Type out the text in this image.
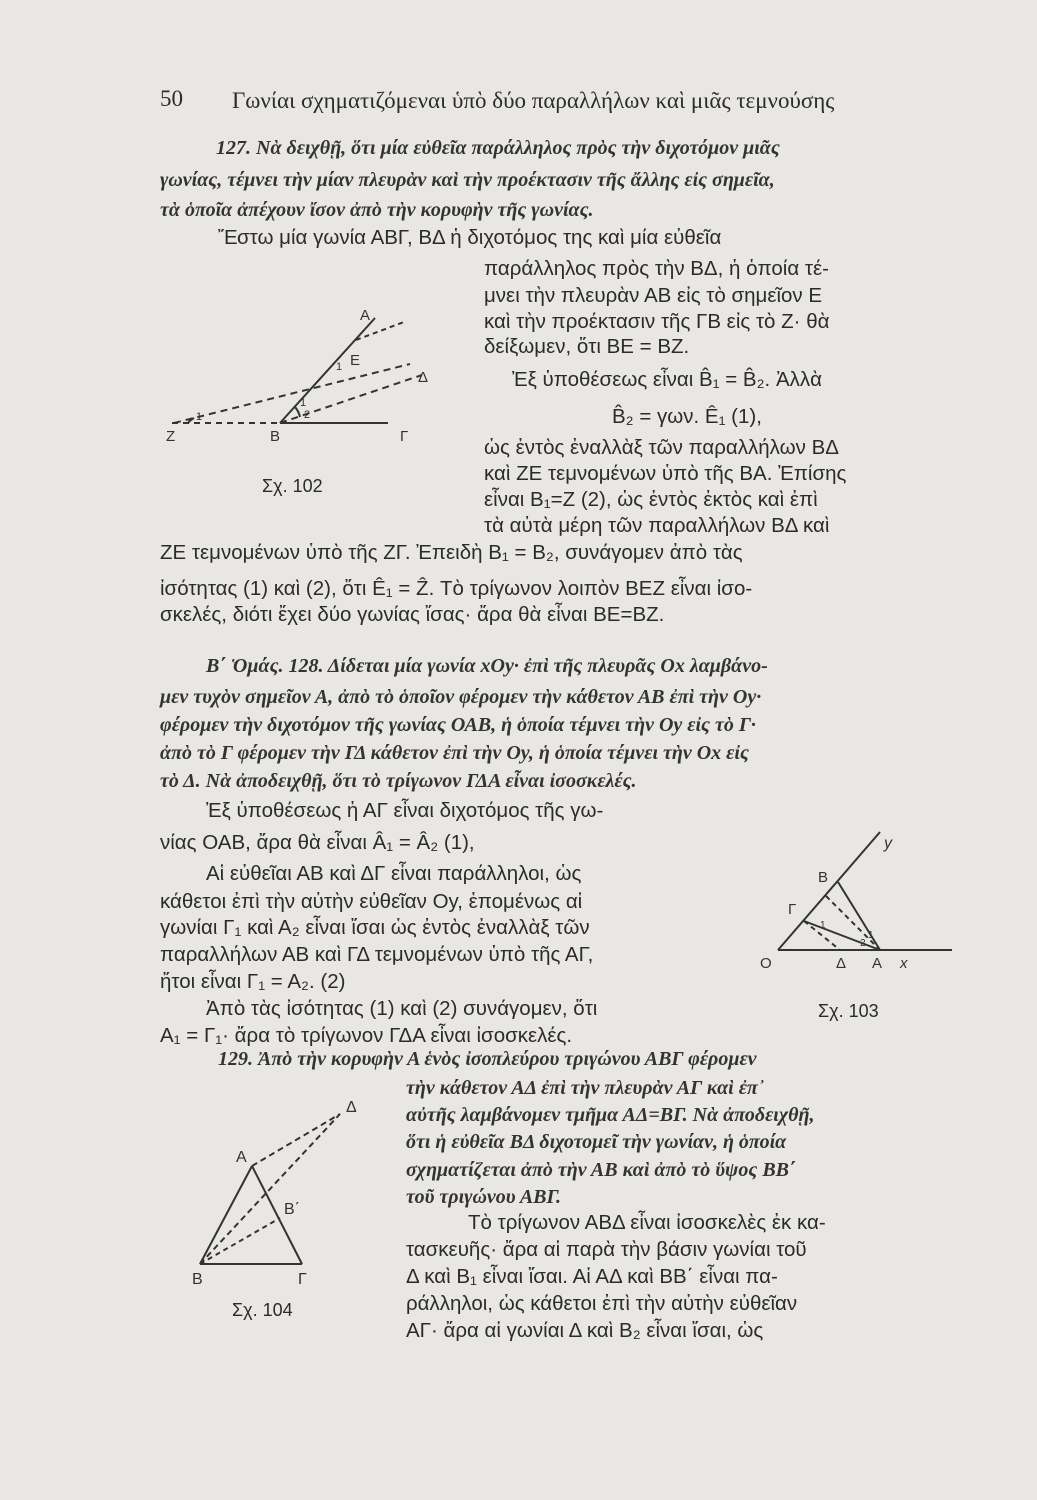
50 Γωνίαι σχηματιζόμεναι ὑπὸ δύο παραλλήλων καὶ μιᾶς τεμνούσης
127. Νὰ δειχθῇ, ὅτι μία εὐθεῖα παράλληλος πρὸς τὴν διχοτόμον μιᾶς
γωνίας, τέμνει τὴν μίαν πλευρὰν καὶ τὴν προέκτασιν τῆς ἄλλης εἰς σημεῖα,
τὰ ὁποῖα ἀπέχουν ἴσον ἀπὸ τὴν κορυφὴν τῆς γωνίας.
Ἔστω μία γωνία ΑΒΓ, ΒΔ ἡ διχοτόμος της καὶ μία εὐθεῖα
παράλληλος πρὸς τὴν ΒΔ, ἡ ὁποία τέ-
μνει τὴν πλευρὰν ΑΒ εἰς τὸ σημεῖον Ε
καὶ τὴν προέκτασιν τῆς ΓΒ εἰς τὸ Ζ· θὰ
δείξωμεν, ὅτι ΒΕ = ΒΖ.
Ἐξ ὑποθέσεως εἶναι B̂₁ = B̂₂. Ἀλλὰ
B̂₂ = γων. Ê₁ (1),
ὡς ἐντὸς ἐναλλὰξ τῶν παραλλήλων ΒΔ
καὶ ΖΕ τεμνομένων ὑπὸ τῆς ΒΑ. Ἐπίσης
εἶναι Β₁=Ζ (2), ὡς ἐντὸς ἐκτὸς καὶ ἐπὶ
τὰ αὐτὰ μέρη τῶν παραλλήλων ΒΔ καὶ
ΖΕ τεμνομένων ὑπὸ τῆς ΖΓ. Ἐπειδὴ Β₁ = Β₂, συνάγομεν ἀπὸ τὰς
ἰσότητας (1) καὶ (2), ὅτι Ê₁ = Ẑ. Τὸ τρίγωνον λοιπὸν ΒΕΖ εἶναι ἰσο-
σκελές, διότι ἔχει δύο γωνίας ἴσας· ἄρα θὰ εἶναι ΒΕ=ΒΖ.
Α
Ε
Δ
Ζ	Β	Γ
1
2
1
1
Σχ. 102
Β΄ Ὁμάς. 128. Δίδεται μία γωνία xOy· ἐπὶ τῆς πλευρᾶς Ox λαμβάνο-
μεν τυχὸν σημεῖον Α, ἀπὸ τὸ ὁποῖον φέρομεν τὴν κάθετον ΑΒ ἐπὶ τὴν Oy·
φέρομεν τὴν διχοτόμον τῆς γωνίας ΟΑΒ, ἡ ὁποία τέμνει τὴν Oy εἰς τὸ Γ·
ἀπὸ τὸ Γ φέρομεν τὴν ΓΔ κάθετον ἐπὶ τὴν Oy, ἡ ὁποία τέμνει τὴν Ox εἰς
τὸ Δ. Νὰ ἀποδειχθῇ, ὅτι τὸ τρίγωνον ΓΔΑ εἶναι ἰσοσκελές.
Ἐξ ὑποθέσεως ἡ ΑΓ εἶναι διχοτόμος τῆς γω-
νίας ΟΑΒ, ἄρα θὰ εἶναι Â₁ = Â₂ (1),
Αἱ εὐθεῖαι ΑΒ καὶ ΔΓ εἶναι παράλληλοι, ὡς
κάθετοι ἐπὶ τὴν αὐτὴν εὐθεῖαν Oy, ἑπομένως αἱ
γωνίαι Γ₁ καὶ Α₂ εἶναι ἴσαι ὡς ἐντὸς ἐναλλὰξ τῶν
παραλλήλων ΑΒ καὶ ΓΔ τεμνομένων ὑπὸ τῆς ΑΓ,
ἤτοι εἶναι Γ₁ = Α₂. (2)
Ἀπὸ τὰς ἰσότητας (1) καὶ (2) συνάγομεν, ὅτι
Α₁ = Γ₁· ἄρα τὸ τρίγωνον ΓΔΑ εἶναι ἰσοσκελές.
y
Β
Γ
O	Δ Α x
1
1
2
Σχ. 103
129. Ἀπὸ τὴν κορυφὴν Α ἑνὸς ἰσοπλεύρου τριγώνου ΑΒΓ φέρομεν
τὴν κάθετον ΑΔ ἐπὶ τὴν πλευρὰν ΑΓ καὶ ἐπ᾽
αὐτῆς λαμβάνομεν τμῆμα ΑΔ=ΒΓ. Νὰ ἀποδειχθῇ,
ὅτι ἡ εὐθεῖα ΒΔ διχοτομεῖ τὴν γωνίαν, ἡ ὁποία
σχηματίζεται ἀπὸ τὴν ΑΒ καὶ ἀπὸ τὸ ὕψος ΒΒ΄
τοῦ τριγώνου ΑΒΓ.
Τὸ τρίγωνον ΑΒΔ εἶναι ἰσοσκελὲς ἐκ κα-
τασκευῆς· ἄρα αἱ παρὰ τὴν βάσιν γωνίαι τοῦ
Δ καὶ Β₁ εἶναι ἴσαι. Αἱ ΑΔ καὶ ΒΒ΄ εἶναι πα-
ράλληλοι, ὡς κάθετοι ἐπὶ τὴν αὐτὴν εὐθεῖαν
ΑΓ· ἄρα αἱ γωνίαι Δ καὶ Β₂ εἶναι ἴσαι, ὡς
Δ
Α
Β΄
Β	Γ
Σχ. 104
